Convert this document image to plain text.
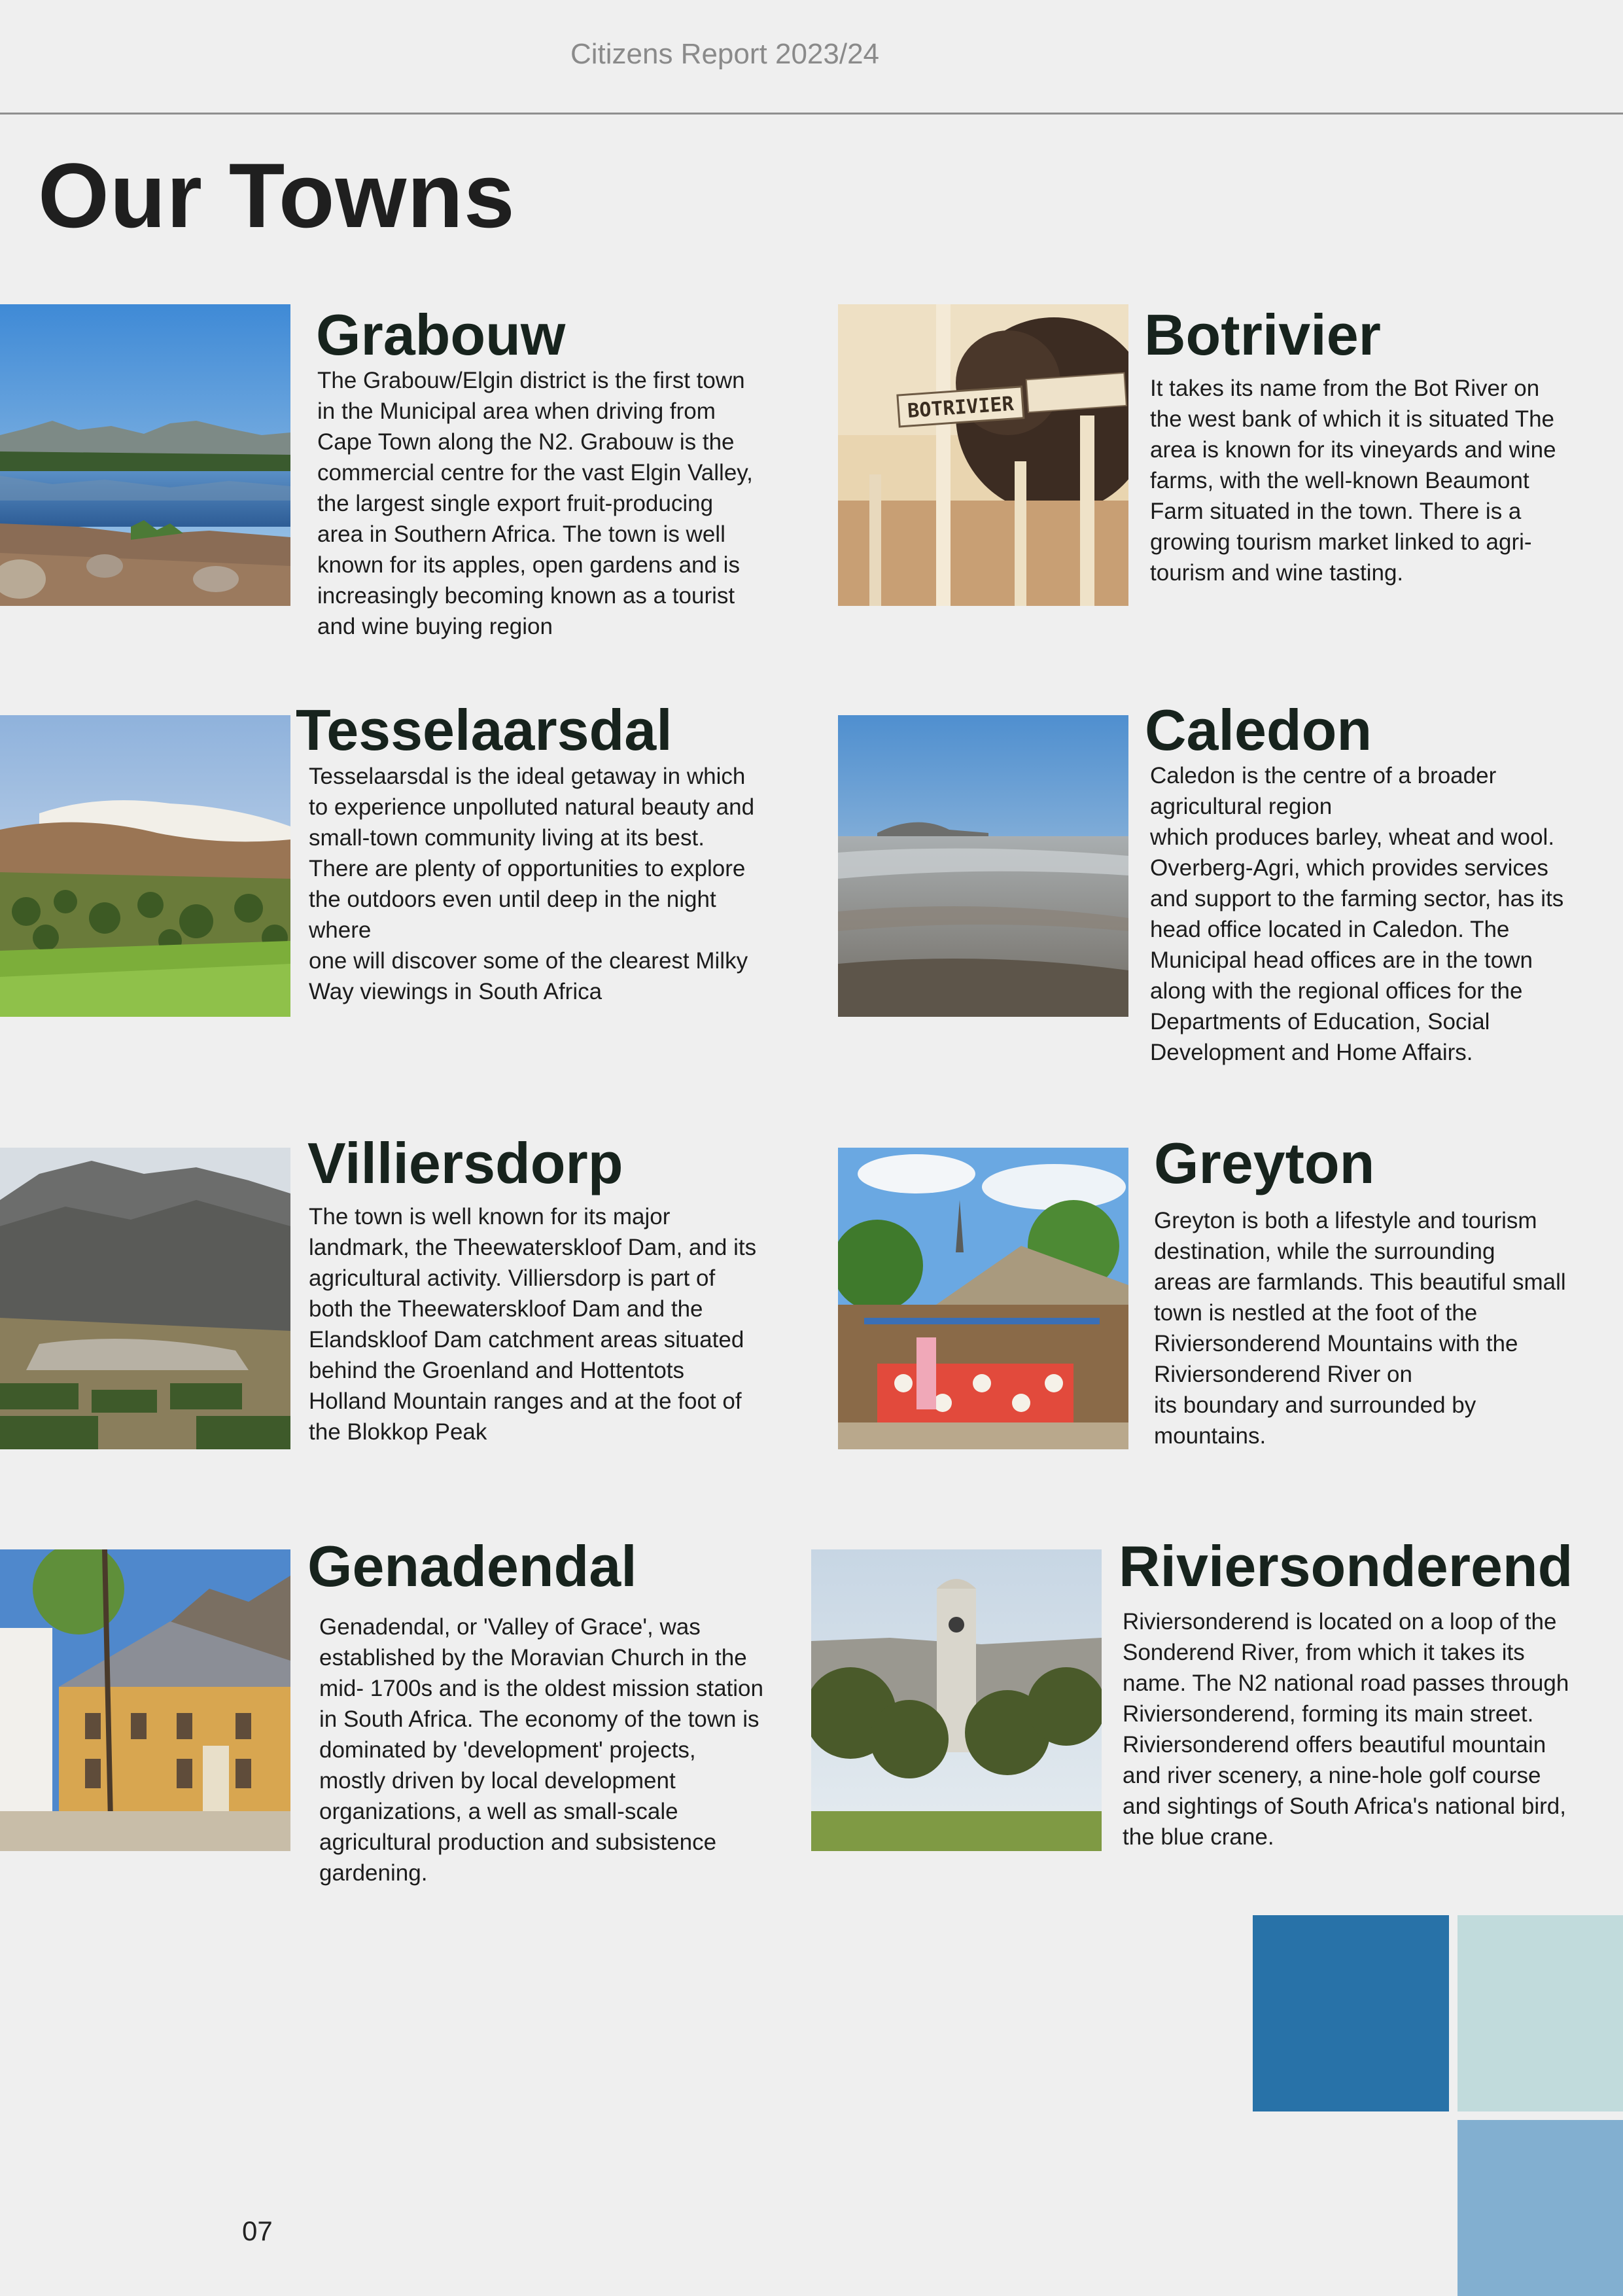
Citizens Report 2023/24
Our Towns
Grabouw
The Grabouw/Elgin district is the first town
in the Municipal area when driving from
Cape Town along the N2. Grabouw is the
commercial centre for the vast Elgin Valley,
the largest single export fruit-producing
area in Southern Africa. The town is well
known for its apples, open gardens and is
increasingly becoming known as a tourist
and wine buying region
BOTRIVIER
Botrivier
It takes its name from the Bot River on
the west bank of which it is situated The
area is known for its vineyards and wine
farms, with the well-known Beaumont
Farm situated in the town. There is a
growing tourism market linked to agri-
tourism and wine tasting.
Tesselaarsdal
Tesselaarsdal is the ideal getaway in which
to experience unpolluted natural beauty and
small-town community living at its best.
There are plenty of opportunities to explore
the outdoors even until deep in the night
where
one will discover some of the clearest Milky
Way viewings in South Africa
Caledon
Caledon is the centre of a broader
agricultural region
which produces barley, wheat and wool.
Overberg-Agri, which provides services
and support to the farming sector, has its
head office located in Caledon. The
Municipal head offices are in the town
along with the regional offices for the
Departments of Education, Social
Development and Home Affairs.
Villiersdorp
The town is well known for its major
landmark, the Theewaterskloof Dam, and its
agricultural activity. Villiersdorp is part of
both the Theewaterskloof Dam and the
Elandskloof Dam catchment areas situated
behind the Groenland and Hottentots
Holland Mountain ranges and at the foot of
the Blokkop Peak
Greyton
Greyton is both a lifestyle and tourism
destination, while the surrounding
areas are farmlands. This beautiful small
town is nestled at the foot of the
Riviersonderend Mountains with the
Riviersonderend River on
its boundary and surrounded by
mountains.
Genadendal
Genadendal, or 'Valley of Grace', was
established by the Moravian Church in the
mid- 1700s and is the oldest mission station
in South Africa. The economy of the town is
dominated by 'development' projects,
mostly driven by local development
organizations, a well as small-scale
agricultural production and subsistence
gardening.
Riviersonderend
Riviersonderend is located on a loop of the
Sonderend River, from which it takes its
name. The N2 national road passes through
Riviersonderend, forming its main street.
Riviersonderend offers beautiful mountain
and river scenery, a nine-hole golf course
and sightings of South Africa's national bird,
the blue crane.
07
